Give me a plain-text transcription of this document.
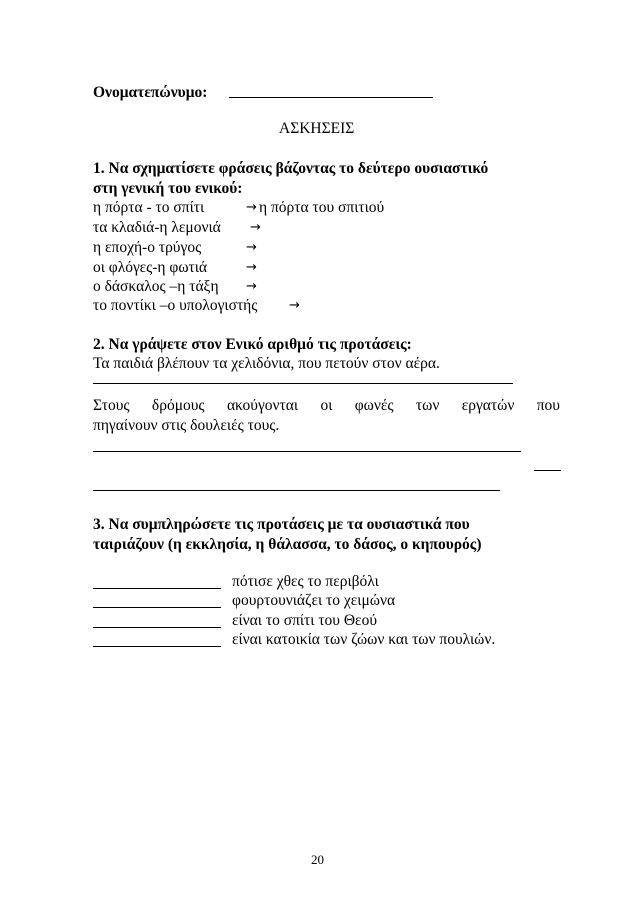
Ονοματεπώνυμο:
ΑΣΚΗΣΕΙΣ
1. Να σχηματίσετε φράσεις βάζοντας το δεύτερο ουσιαστικό
στη γενική του ενικού:
η πόρτα - το σπίτι	→ η πόρτα του σπιτιού
τα κλαδιά-η λεμονιά →
η εποχή-ο τρύγος	→
οι φλόγες-η φωτιά	→
ο δάσκαλος –η τάξη →
το ποντίκι –ο υπολογιστής →
2. Να γράψετε στον Ενικό αριθμό τις προτάσεις:
Τα παιδιά βλέπουν τα χελιδόνια, που πετούν στον αέρα.
Στους δρόμους ακούγονται οι φωνές των εργατών που
πηγαίνουν στις δουλειές τους.
3. Να συμπληρώσετε τις προτάσεις με τα ουσιαστικά που
ταιριάζουν (η εκκλησία, η θάλασσα, το δάσος, ο κηπουρός)
πότισε χθες το περιβόλι
φουρτουνιάζει το χειμώνα
είναι το σπίτι του Θεού
είναι κατοικία των ζώων και των πουλιών.
20
